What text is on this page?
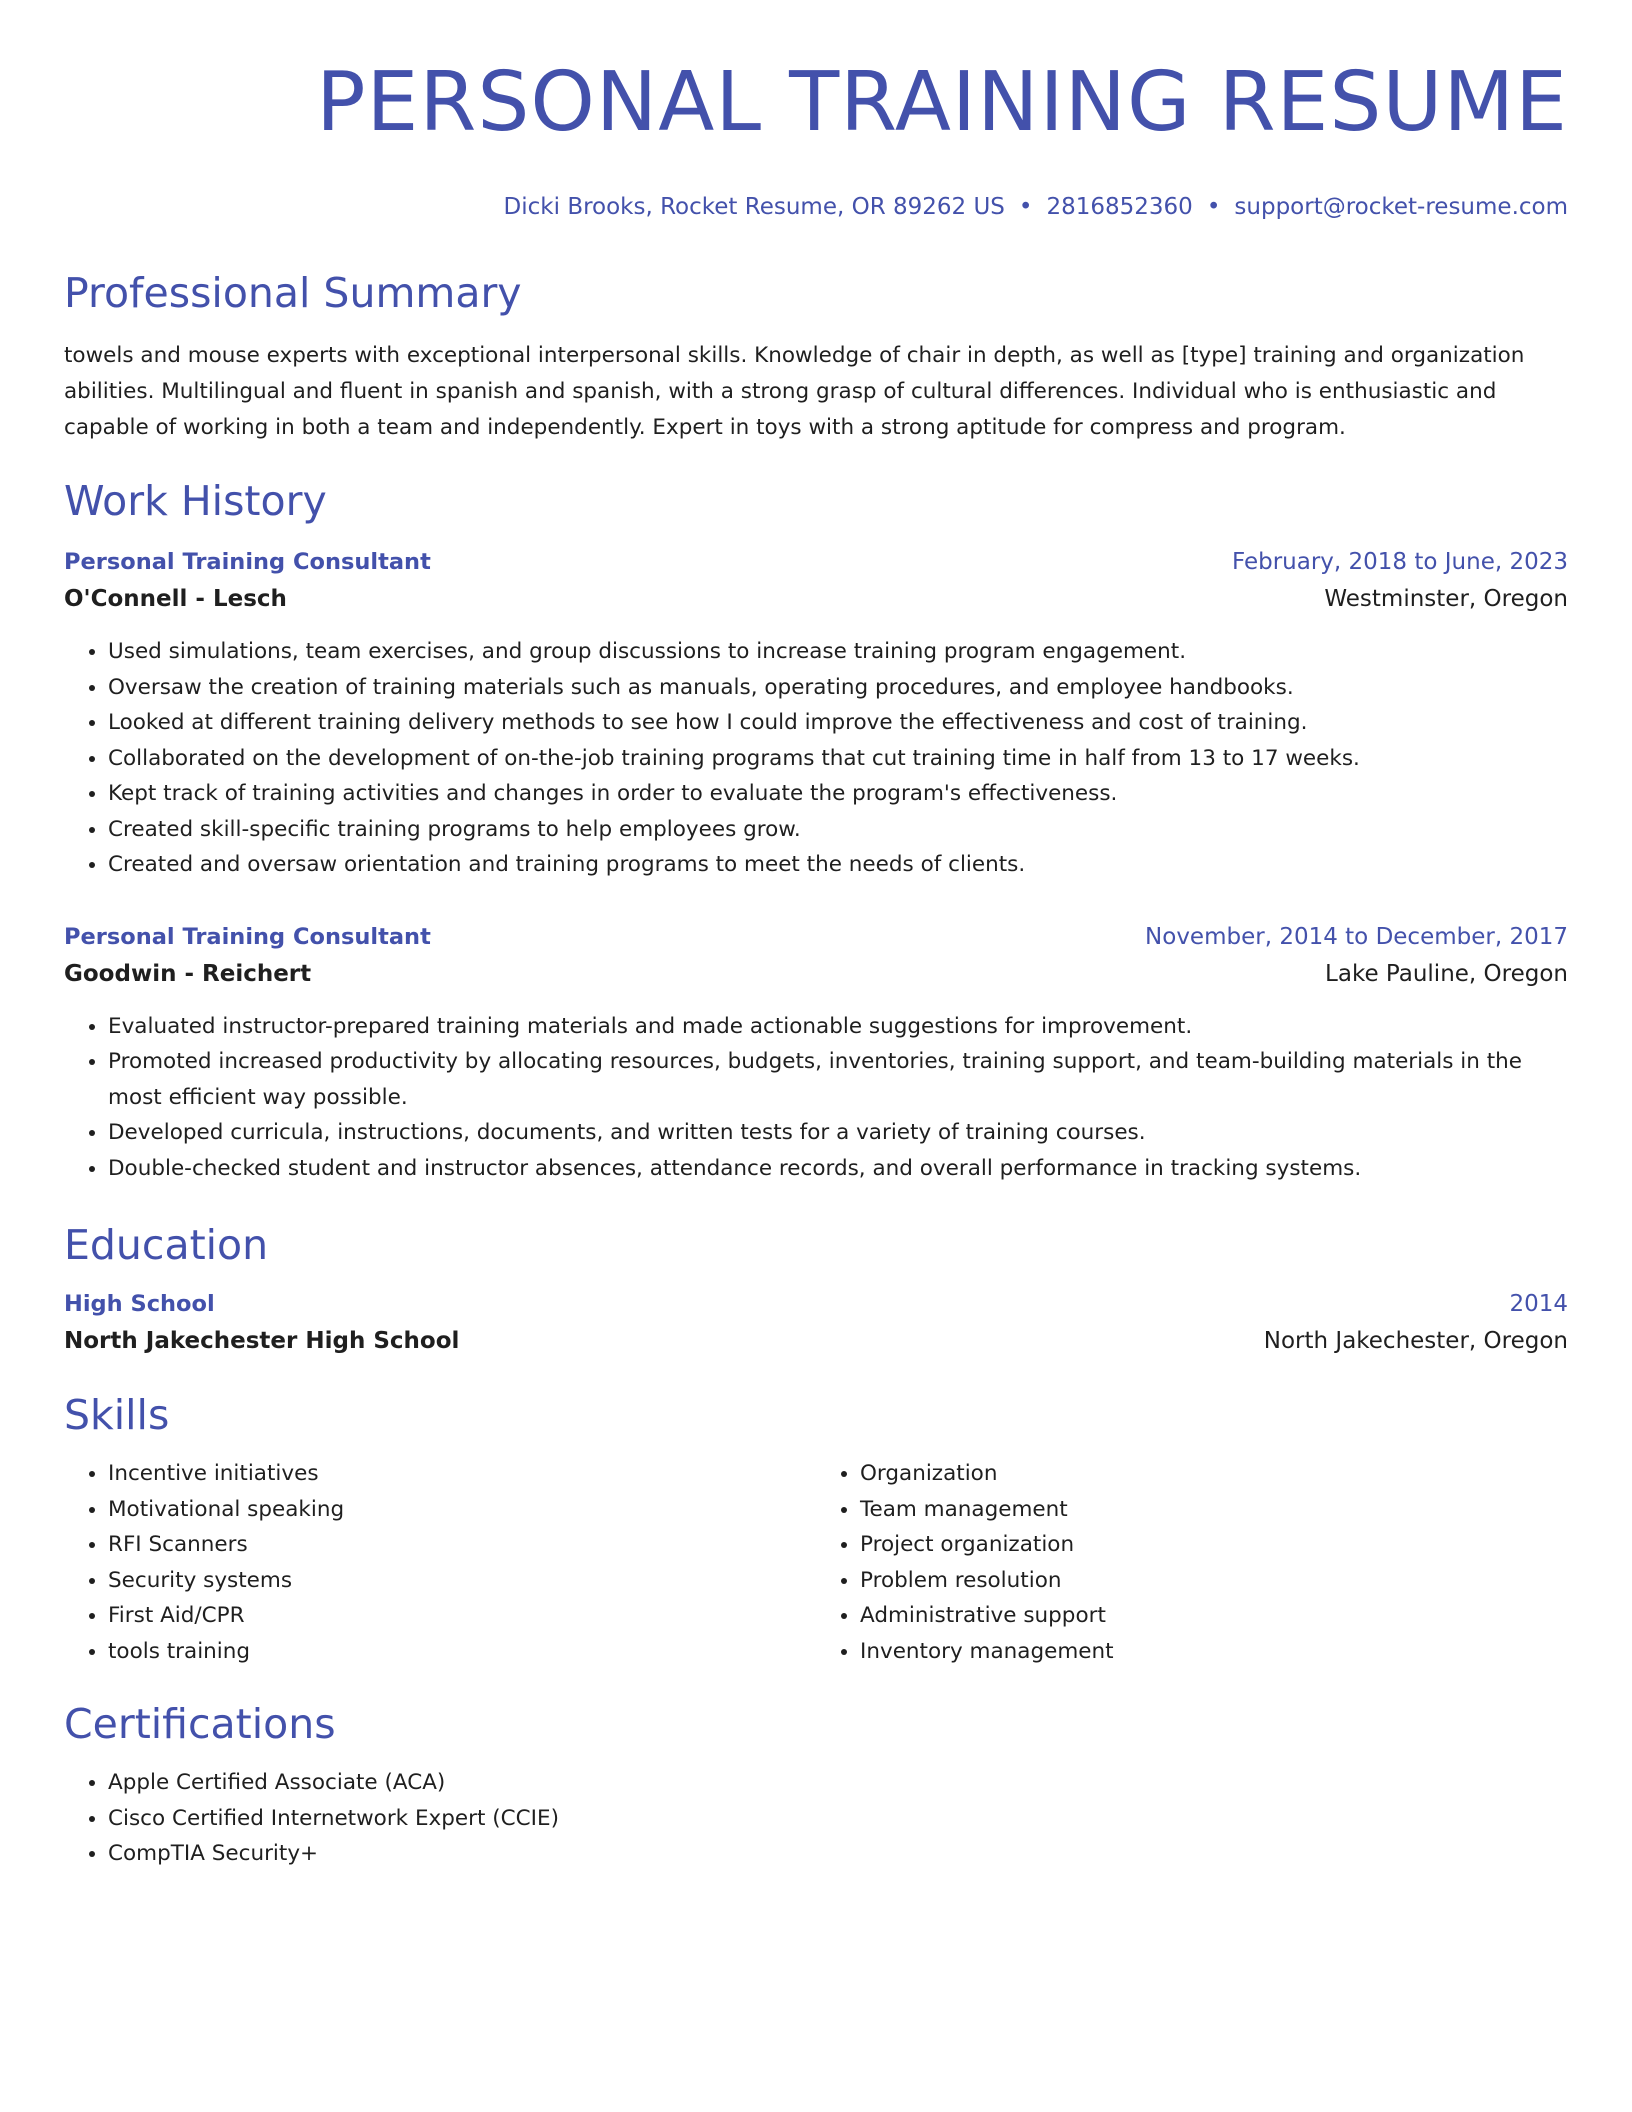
PERSONAL TRAINING RESUME
Dicki Brooks, Rocket Resume, OR 89262 US • 2816852360 • support@rocket-resume.com
Professional Summary

towels and mouse experts with exceptional interpersonal skills. Knowledge of chair in depth, as well as [type] training and organization abilities. Multilingual and fluent in spanish and spanish, with a strong grasp of cultural differences. Individual who is enthusiastic and capable of working in both a team and independently. Expert in toys with a strong aptitude for compress and program.

Work History
Personal Training Consultant	February, 2018 to June, 2023
O'Connell - Lesch	Westminster, Oregon
• Used simulations, team exercises, and group discussions to increase training program engagement.
• Oversaw the creation of training materials such as manuals, operating procedures, and employee handbooks.
• Looked at different training delivery methods to see how I could improve the effectiveness and cost of training.
• Collaborated on the development of on-the-job training programs that cut training time in half from 13 to 17 weeks.
• Kept track of training activities and changes in order to evaluate the program's effectiveness.
• Created skill-specific training programs to help employees grow.
• Created and oversaw orientation and training programs to meet the needs of clients.
Personal Training Consultant	November, 2014 to December, 2017
Goodwin - Reichert	Lake Pauline, Oregon
• Evaluated instructor-prepared training materials and made actionable suggestions for improvement.
• Promoted increased productivity by allocating resources, budgets, inventories, training support, and team-building materials in the most efficient way possible.
• Developed curricula, instructions, documents, and written tests for a variety of training courses.
• Double-checked student and instructor absences, attendance records, and overall performance in tracking systems.
Education
High School	2014
North Jakechester High School	North Jakechester, Oregon
Skills
• Incentive initiatives
• Motivational speaking
• RFI Scanners
• Security systems
• First Aid/CPR
• tools training
• Organization
• Team management
• Project organization
• Problem resolution
• Administrative support
• Inventory management
Certifications
• Apple Certified Associate (ACA)
• Cisco Certified Internetwork Expert (CCIE)
• CompTIA Security+
